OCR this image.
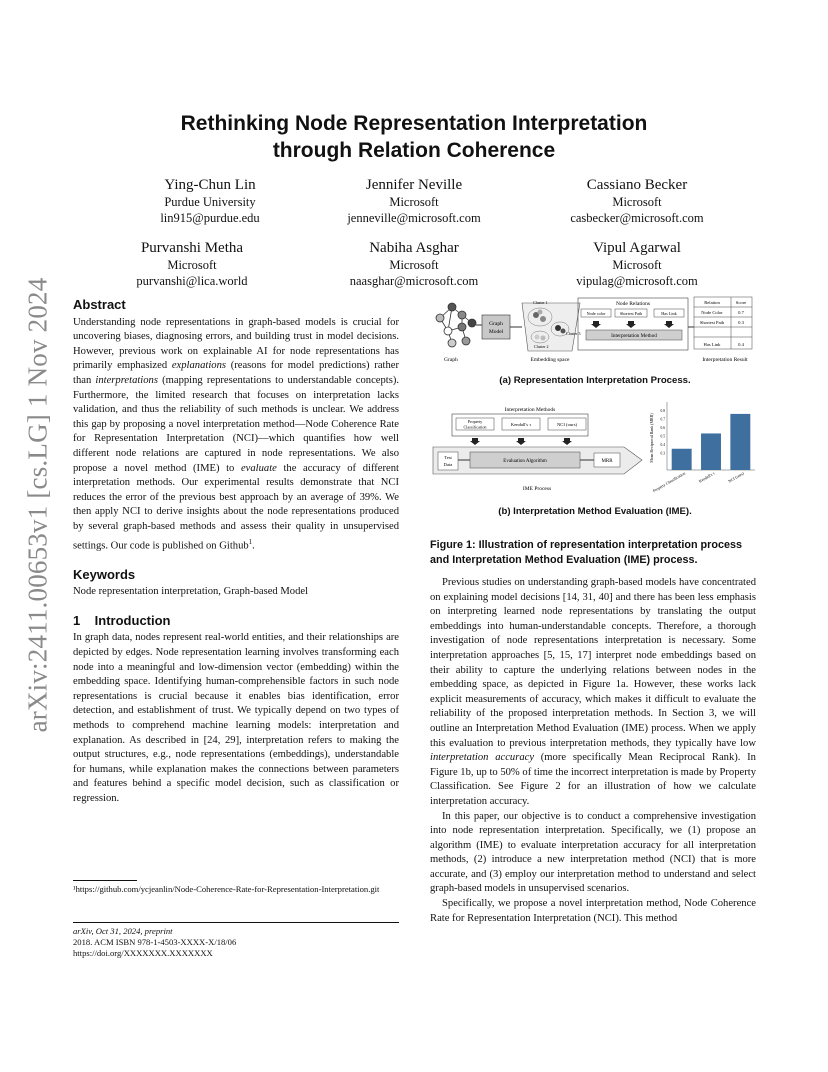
arXiv:2411.00653v1 [cs.LG] 1 Nov 2024
Rethinking Node Representation Interpretation
through Relation Coherence
Ying-Chun Lin
Purdue University
lin915@purdue.edu
Jennifer Neville
Microsoft
jenneville@microsoft.com
Cassiano Becker
Microsoft
casbecker@microsoft.com
Purvanshi Metha
Microsoft
purvanshi@lica.world
Nabiha Asghar
Microsoft
naasghar@microsoft.com
Vipul Agarwal
Microsoft
vipulag@microsoft.com
Abstract

Understanding node representations in graph-based models is crucial for uncovering biases, diagnosing errors, and building trust in model decisions. However, previous work on explainable AI for node representations has primarily emphasized explanations (reasons for model predictions) rather than interpretations (mapping representations to understandable concepts). Furthermore, the limited research that focuses on interpretation lacks validation, and thus the reliability of such methods is unclear. We address this gap by proposing a novel interpretation method—Node Coherence Rate for Representation Interpretation (NCI)—which quantifies how well different node relations are captured in node representations. We also propose a novel method (IME) to evaluate the accuracy of different interpretation methods. Our experimental results demonstrate that NCI reduces the error of the previous best approach by an average of 39%. We then apply NCI to derive insights about the node representations produced by several graph-based methods and assess their quality in unsupervised settings. Our code is published on Github$^1$.

Keywords

Node representation interpretation, Graph-based Model

1    Introduction

In graph data, nodes represent real-world entities, and their relationships are depicted by edges. Node representation learning involves transforming each node into a meaningful and low-dimension vector (embedding) within the embedding space. Identifying human-comprehensible factors in such node representations is crucial because it enables bias identification, error detection, and establishment of trust. We typically depend on two types of methods to comprehend machine learning models: interpretation and explanation. As described in [24, 29], interpretation refers to making the output structures, e.g., node representations (embeddings), understandable for humans, while explanation makes the connections between parameters and features behind a specific model decision, such as classification or regression.

¹https://github.com/ycjeanlin/Node-Coherence-Rate-for-Representation-Interpretation.git
arXiv, Oct 31, 2024, preprint
2018. ACM ISBN 978-1-4503-XXXX-X/18/06
https://doi.org/XXXXXXX.XXXXXXX
Graph
Graph
Model
Cluster 1
Cluster 3
Cluster 2
Embedding space
Node Relations
Node color	Shortest Path	Has Link
Interpretation Method
Relation	Score
Node Color	0.7
Shortest Path	0.3
Has Link	0.4
Interpretation Result
(a) Representation Interpretation Process.
Interpretation Methods
Property
Classification	Kendall's τ	NCI (ours)
Test
Data
Evaluation Algorithm	MRR
IME Process
Mean Reciprocal Rank (MRR) 0.3
0.4
0.5
0.6
0.7
0.8
Property Classification	Kendall's τ	NCI (ours)
(b) Interpretation Method Evaluation (IME).
Figure 1: Illustration of representation interpretation process and Interpretation Method Evaluation (IME) process.

Previous studies on understanding graph-based models have concentrated on explaining model decisions [14, 31, 40] and there has been less emphasis on interpreting learned node representations by translating the output embeddings into human-understandable concepts. Therefore, a thorough investigation of node representations interpretation is necessary. Some interpretation approaches [5, 15, 17] interpret node embeddings based on their ability to capture the underlying relations between nodes in the embedding space, as depicted in Figure 1a. However, these works lack explicit measurements of accuracy, which makes it difficult to evaluate the reliability of the proposed interpretation methods. In Section 3, we will outline an Interpretation Method Evaluation (IME) process. When we apply this evaluation to previous interpretation methods, they typically have low interpretation accuracy (more specifically Mean Reciprocal Rank). In Figure 1b, up to 50% of time the incorrect interpretation is made by Property Classification. See Figure 2 for an illustration of how we calculate interpretation accuracy.

In this paper, our objective is to conduct a comprehensive investigation into node representation interpretation. Specifically, we (1) propose an algorithm (IME) to evaluate interpretation accuracy for all interpretation methods, (2) introduce a new interpretation method (NCI) that is more accurate, and (3) employ our interpretation method to understand and select graph-based models in unsupervised scenarios.

Specifically, we propose a novel interpretation method, Node Coherence Rate for Representation Interpretation (NCI). This method
